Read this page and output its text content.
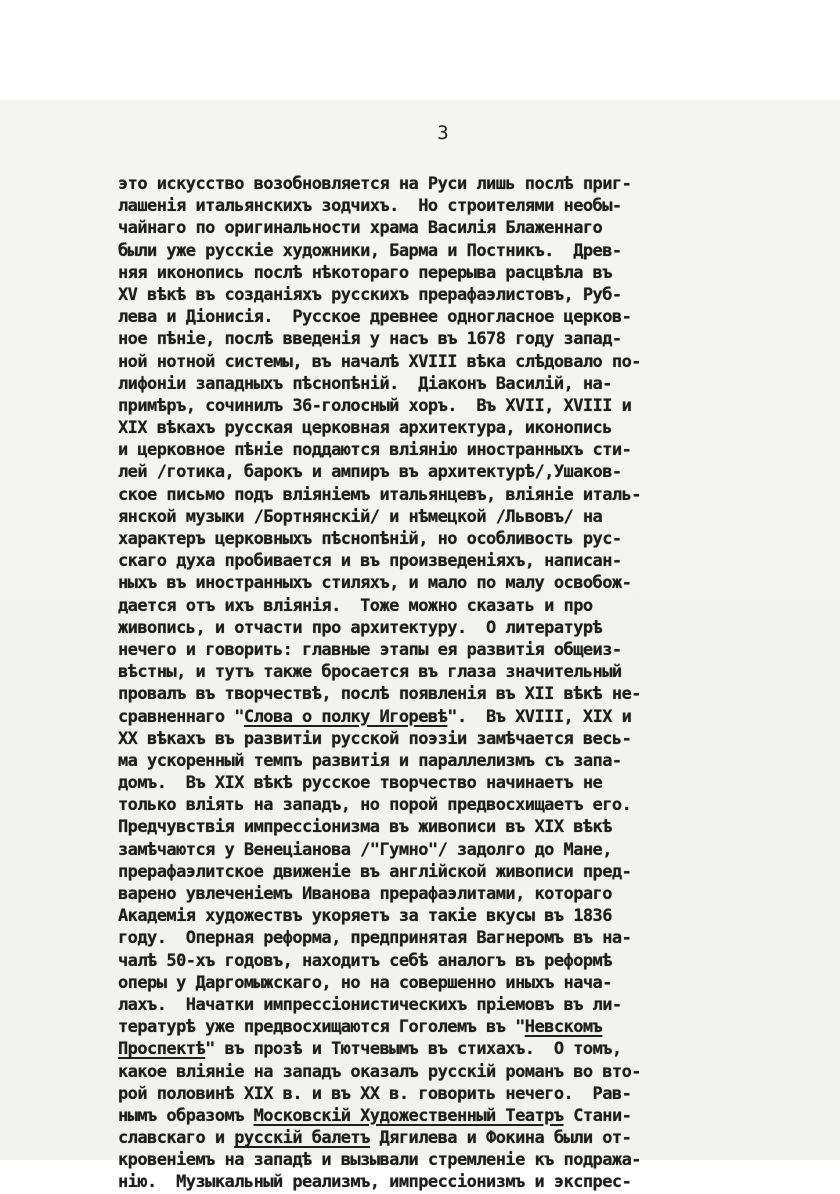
3
это искусство возобновляется на Руси лишь послѣ приг-
лашенія итальянскихъ зодчихъ.  Но строителями необы-
чайнаго по оригинальности храма Василія Блаженнаго
были уже русскіе художники, Барма и Постникъ.  Древ-
няя иконопись послѣ нѣкотораго перерыва расцвѣла въ
XV вѣкѣ въ созданіяхъ русскихъ прерафаэлистовъ, Руб-
лева и Діонисія.  Русское древнее одногласное церков-
ное пѣніе, послѣ введенія у насъ въ 1678 году запад-
ной нотной системы, въ началѣ XVIII вѣка слѣдовало по-
лифоніи западныхъ пѣснопѣній.  Діаконъ Василій, на-
примѣръ, сочинилъ 36-голосный хоръ.  Въ XVII, XVIII и
XIX вѣкахъ русская церковная архитектура, иконопись
и церковное пѣніе поддаются вліянію иностранныхъ сти-
лей /готика, барокъ и ампиръ въ архитектурѣ/,Ушаков-
ское письмо подъ вліяніемъ итальянцевъ, вліяніе италь-
янской музыки /Бортнянскій/ и нѣмецкой /Львовъ/ на
характеръ церковныхъ пѣснопѣній, но особливость рус-
скаго духа пробивается и въ произведеніяхъ, написан-
ныхъ въ иностранныхъ стиляхъ, и мало по малу освобож-
дается отъ ихъ вліянія.  Тоже можно сказать и про
живопись, и отчасти про архитектуру.  О литературѣ
нечего и говорить: главные этапы ея развитія общеиз-
вѣстны, и тутъ также бросается въ глаза значительный
провалъ въ творчествѣ, послѣ появленія въ XII вѣкѣ не-
сравненнаго "Слова о полку Игоревѣ".  Въ XVIII, XIX и
XX вѣкахъ въ развитіи русской поэзіи замѣчается весь-
ма ускоренный темпъ развитія и параллелизмъ съ запа-
домъ.  Въ XIX вѣкѣ русское творчество начинаетъ не
только вліять на западъ, но порой предвосхищаетъ его.
Предчувствія импрессіонизма въ живописи въ XIX вѣкѣ
замѣчаются у Венеціанова /"Гумно"/ задолго до Мане,
прерафаэлитское движеніе въ англійской живописи пред-
варено увлеченіемъ Иванова прерафаэлитами, котораго
Академія художествъ укоряетъ за такіе вкусы въ 1836
году.  Оперная реформа, предпринятая Вагнеромъ въ на-
чалѣ 50-хъ годовъ, находитъ себѣ аналогъ въ реформѣ
оперы у Даргомыжскаго, но на совершенно иныхъ нача-
лахъ.  Начатки импрессіонистическихъ пріемовъ въ ли-
тературѣ уже предвосхищаются Гоголемъ въ "Невскомъ
Проспектѣ" въ прозѣ и Тютчевымъ въ стихахъ.  О томъ,
какое вліяніе на западъ оказалъ русскій романъ во вто-
рой половинѣ XIX в. и въ XX в. говорить нечего.  Рав-
нымъ образомъ Московскій Художественный Театръ Стани-
славскаго и русскій балетъ Дягилева и Фокина были от-
кровеніемъ на западѣ и вызывали стремленіе къ подража-
нію.  Музыкальный реализмъ, импрессіонизмъ и экспрес-
